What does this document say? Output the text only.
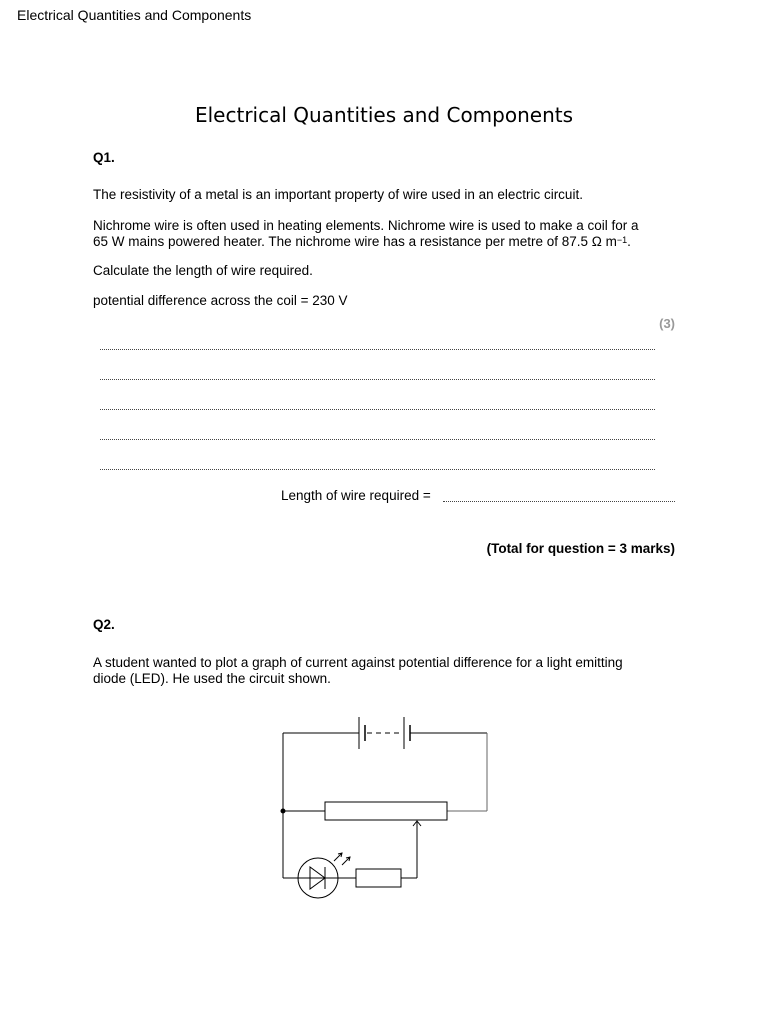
Electrical Quantities and Components
Electrical Quantities and Components
Q1.
The resistivity of a metal is an important property of wire used in an electric circuit.
Nichrome wire is often used in heating elements. Nichrome wire is used to make a coil for a
65 W mains powered heater. The nichrome wire has a resistance per metre of 87.5 Ω $m^{-1}$.
Calculate the length of wire required.
potential difference across the coil = 230 V
(3)
Length of wire required =
(Total for question = 3 marks)
Q2.
A student wanted to plot a graph of current against potential difference for a light emitting
diode (LED). He used the circuit shown.
